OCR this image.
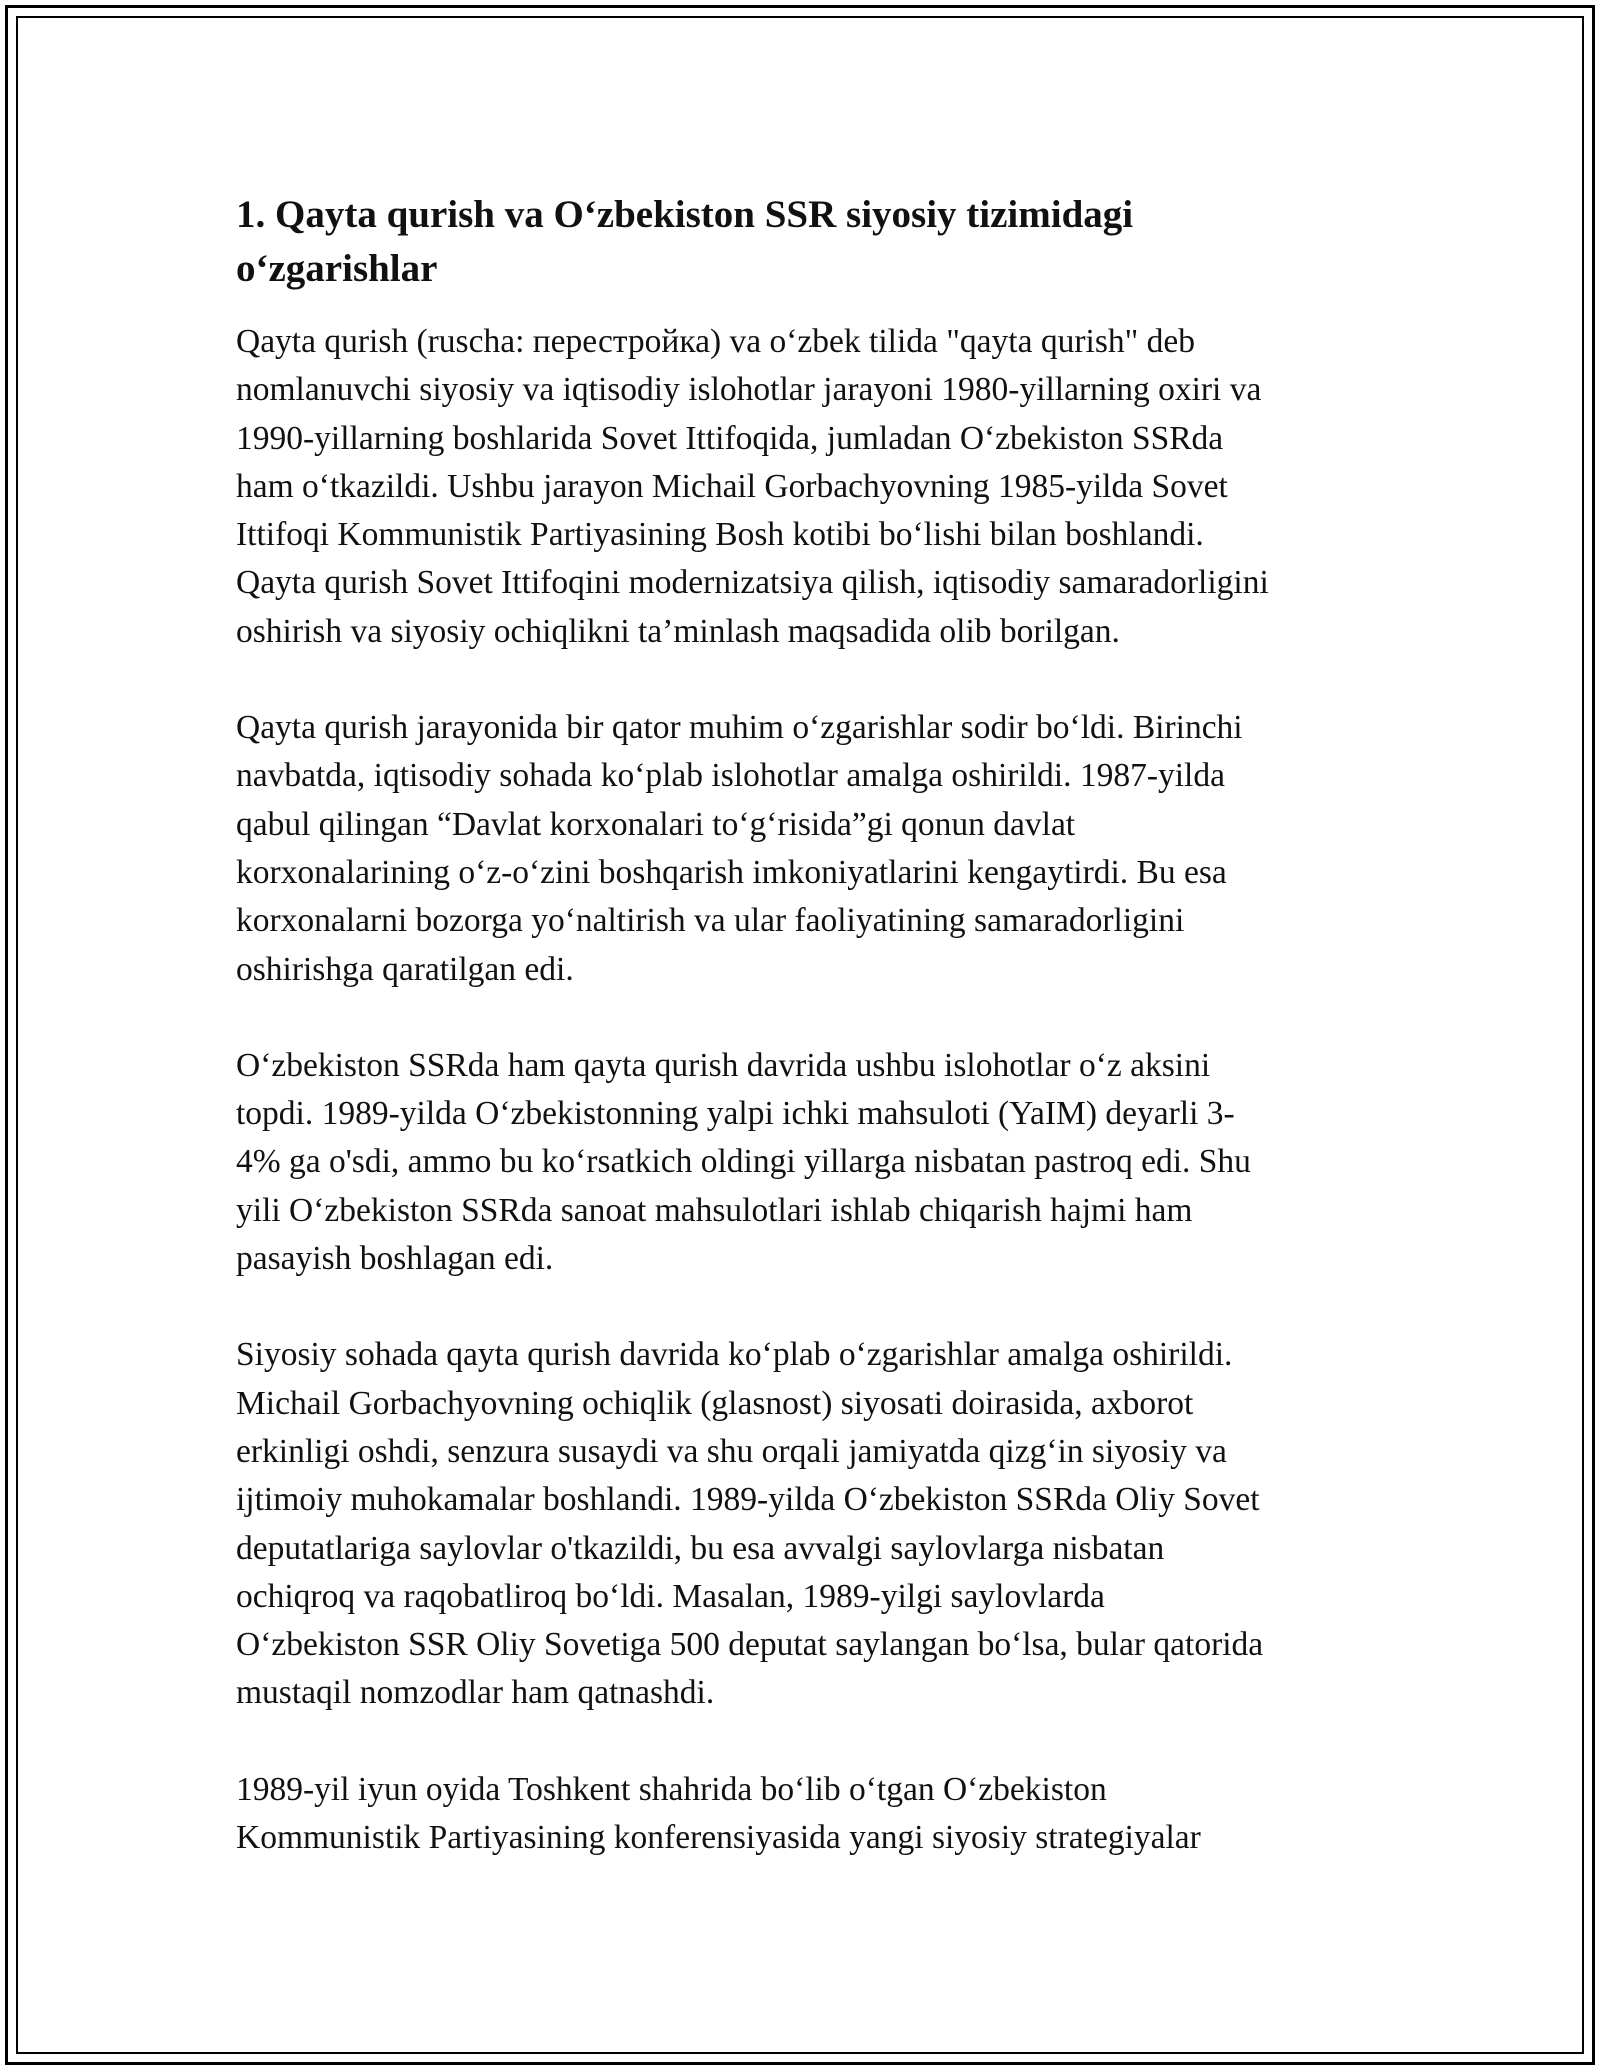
1. Qayta qurish va O‘zbekiston SSR siyosiy tizimidagi
o‘zgarishlar

Qayta qurish (ruscha: перестройка) va o‘zbek tilida "qayta qurish" deb
nomlanuvchi siyosiy va iqtisodiy islohotlar jarayoni 1980-yillarning oxiri va
1990-yillarning boshlarida Sovet Ittifoqida, jumladan O‘zbekiston SSRda
ham o‘tkazildi. Ushbu jarayon Michail Gorbachyovning 1985-yilda Sovet
Ittifoqi Kommunistik Partiyasining Bosh kotibi bo‘lishi bilan boshlandi.
Qayta qurish Sovet Ittifoqini modernizatsiya qilish, iqtisodiy samaradorligini
oshirish va siyosiy ochiqlikni ta’minlash maqsadida olib borilgan.

Qayta qurish jarayonida bir qator muhim o‘zgarishlar sodir bo‘ldi. Birinchi
navbatda, iqtisodiy sohada ko‘plab islohotlar amalga oshirildi. 1987-yilda
qabul qilingan “Davlat korxonalari to‘g‘risida”gi qonun davlat
korxonalarining o‘z-o‘zini boshqarish imkoniyatlarini kengaytirdi. Bu esa
korxonalarni bozorga yo‘naltirish va ular faoliyatining samaradorligini
oshirishga qaratilgan edi.

O‘zbekiston SSRda ham qayta qurish davrida ushbu islohotlar o‘z aksini
topdi. 1989-yilda O‘zbekistonning yalpi ichki mahsuloti (YaIM) deyarli 3-
4% ga o'sdi, ammo bu ko‘rsatkich oldingi yillarga nisbatan pastroq edi. Shu
yili O‘zbekiston SSRda sanoat mahsulotlari ishlab chiqarish hajmi ham
pasayish boshlagan edi.

Siyosiy sohada qayta qurish davrida ko‘plab o‘zgarishlar amalga oshirildi.
Michail Gorbachyovning ochiqlik (glasnost) siyosati doirasida, axborot
erkinligi oshdi, senzura susaydi va shu orqali jamiyatda qizg‘in siyosiy va
ijtimoiy muhokamalar boshlandi. 1989-yilda O‘zbekiston SSRda Oliy Sovet
deputatlariga saylovlar o'tkazildi, bu esa avvalgi saylovlarga nisbatan
ochiqroq va raqobatliroq bo‘ldi. Masalan, 1989-yilgi saylovlarda
O‘zbekiston SSR Oliy Sovetiga 500 deputat saylangan bo‘lsa, bular qatorida
mustaqil nomzodlar ham qatnashdi.

1989-yil iyun oyida Toshkent shahrida bo‘lib o‘tgan O‘zbekiston
Kommunistik Partiyasining konferensiyasida yangi siyosiy strategiyalar
